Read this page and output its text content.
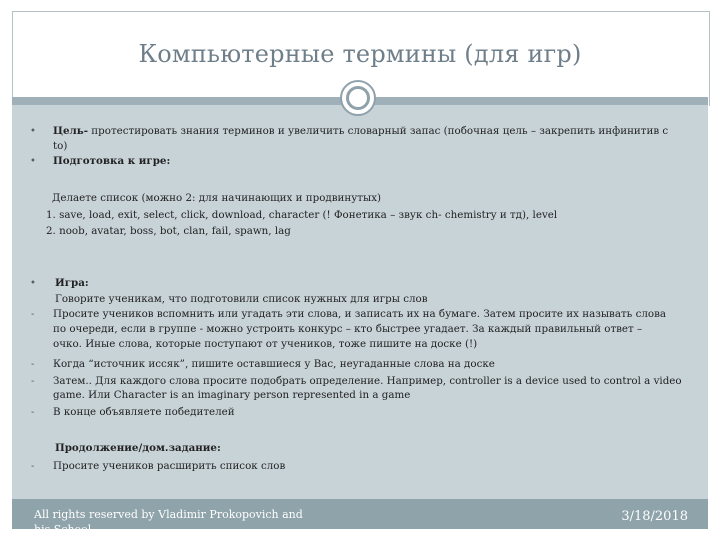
Компьютерные термины (для игр)
• Цель- протестировать знания терминов и увеличить словарный запас (побочная цель – закрепить инфинитив с
to)
• Подготовка к игре:
Делаете список (можно 2: для начинающих и продвинутых)
1. save, load, exit, select, click, download, character (! Фонетика – звук ch- chemistry и тд), level
2. noob, avatar, boss, bot, clan, fail, spawn, lag
• Игра:
Говорите ученикам, что подготовили список нужных для игры слов
- Просите учеников вспомнить или угадать эти слова, и записать их на бумаге. Затем просите их называть слова
по очереди, если в группе - можно устроить конкурс – кто быстрее угадает. За каждый правильный ответ –
очко. Иные слова, которые поступают от учеников, тоже пишите на доске (!)
- Когда “источник иссяк”, пишите оставшиеся у Вас, неугаданные слова на доске
- Затем.. Для каждого слова просите подобрать определение. Например, controller is a device used to control a video
game. Или Character is an imaginary person represented in a game
- В конце объявляете победителей
Продолжение/дом.задание:
- Просите учеников расширить список слов
All rights reserved by Vladimir Prokopovich and his School
3/18/2018
